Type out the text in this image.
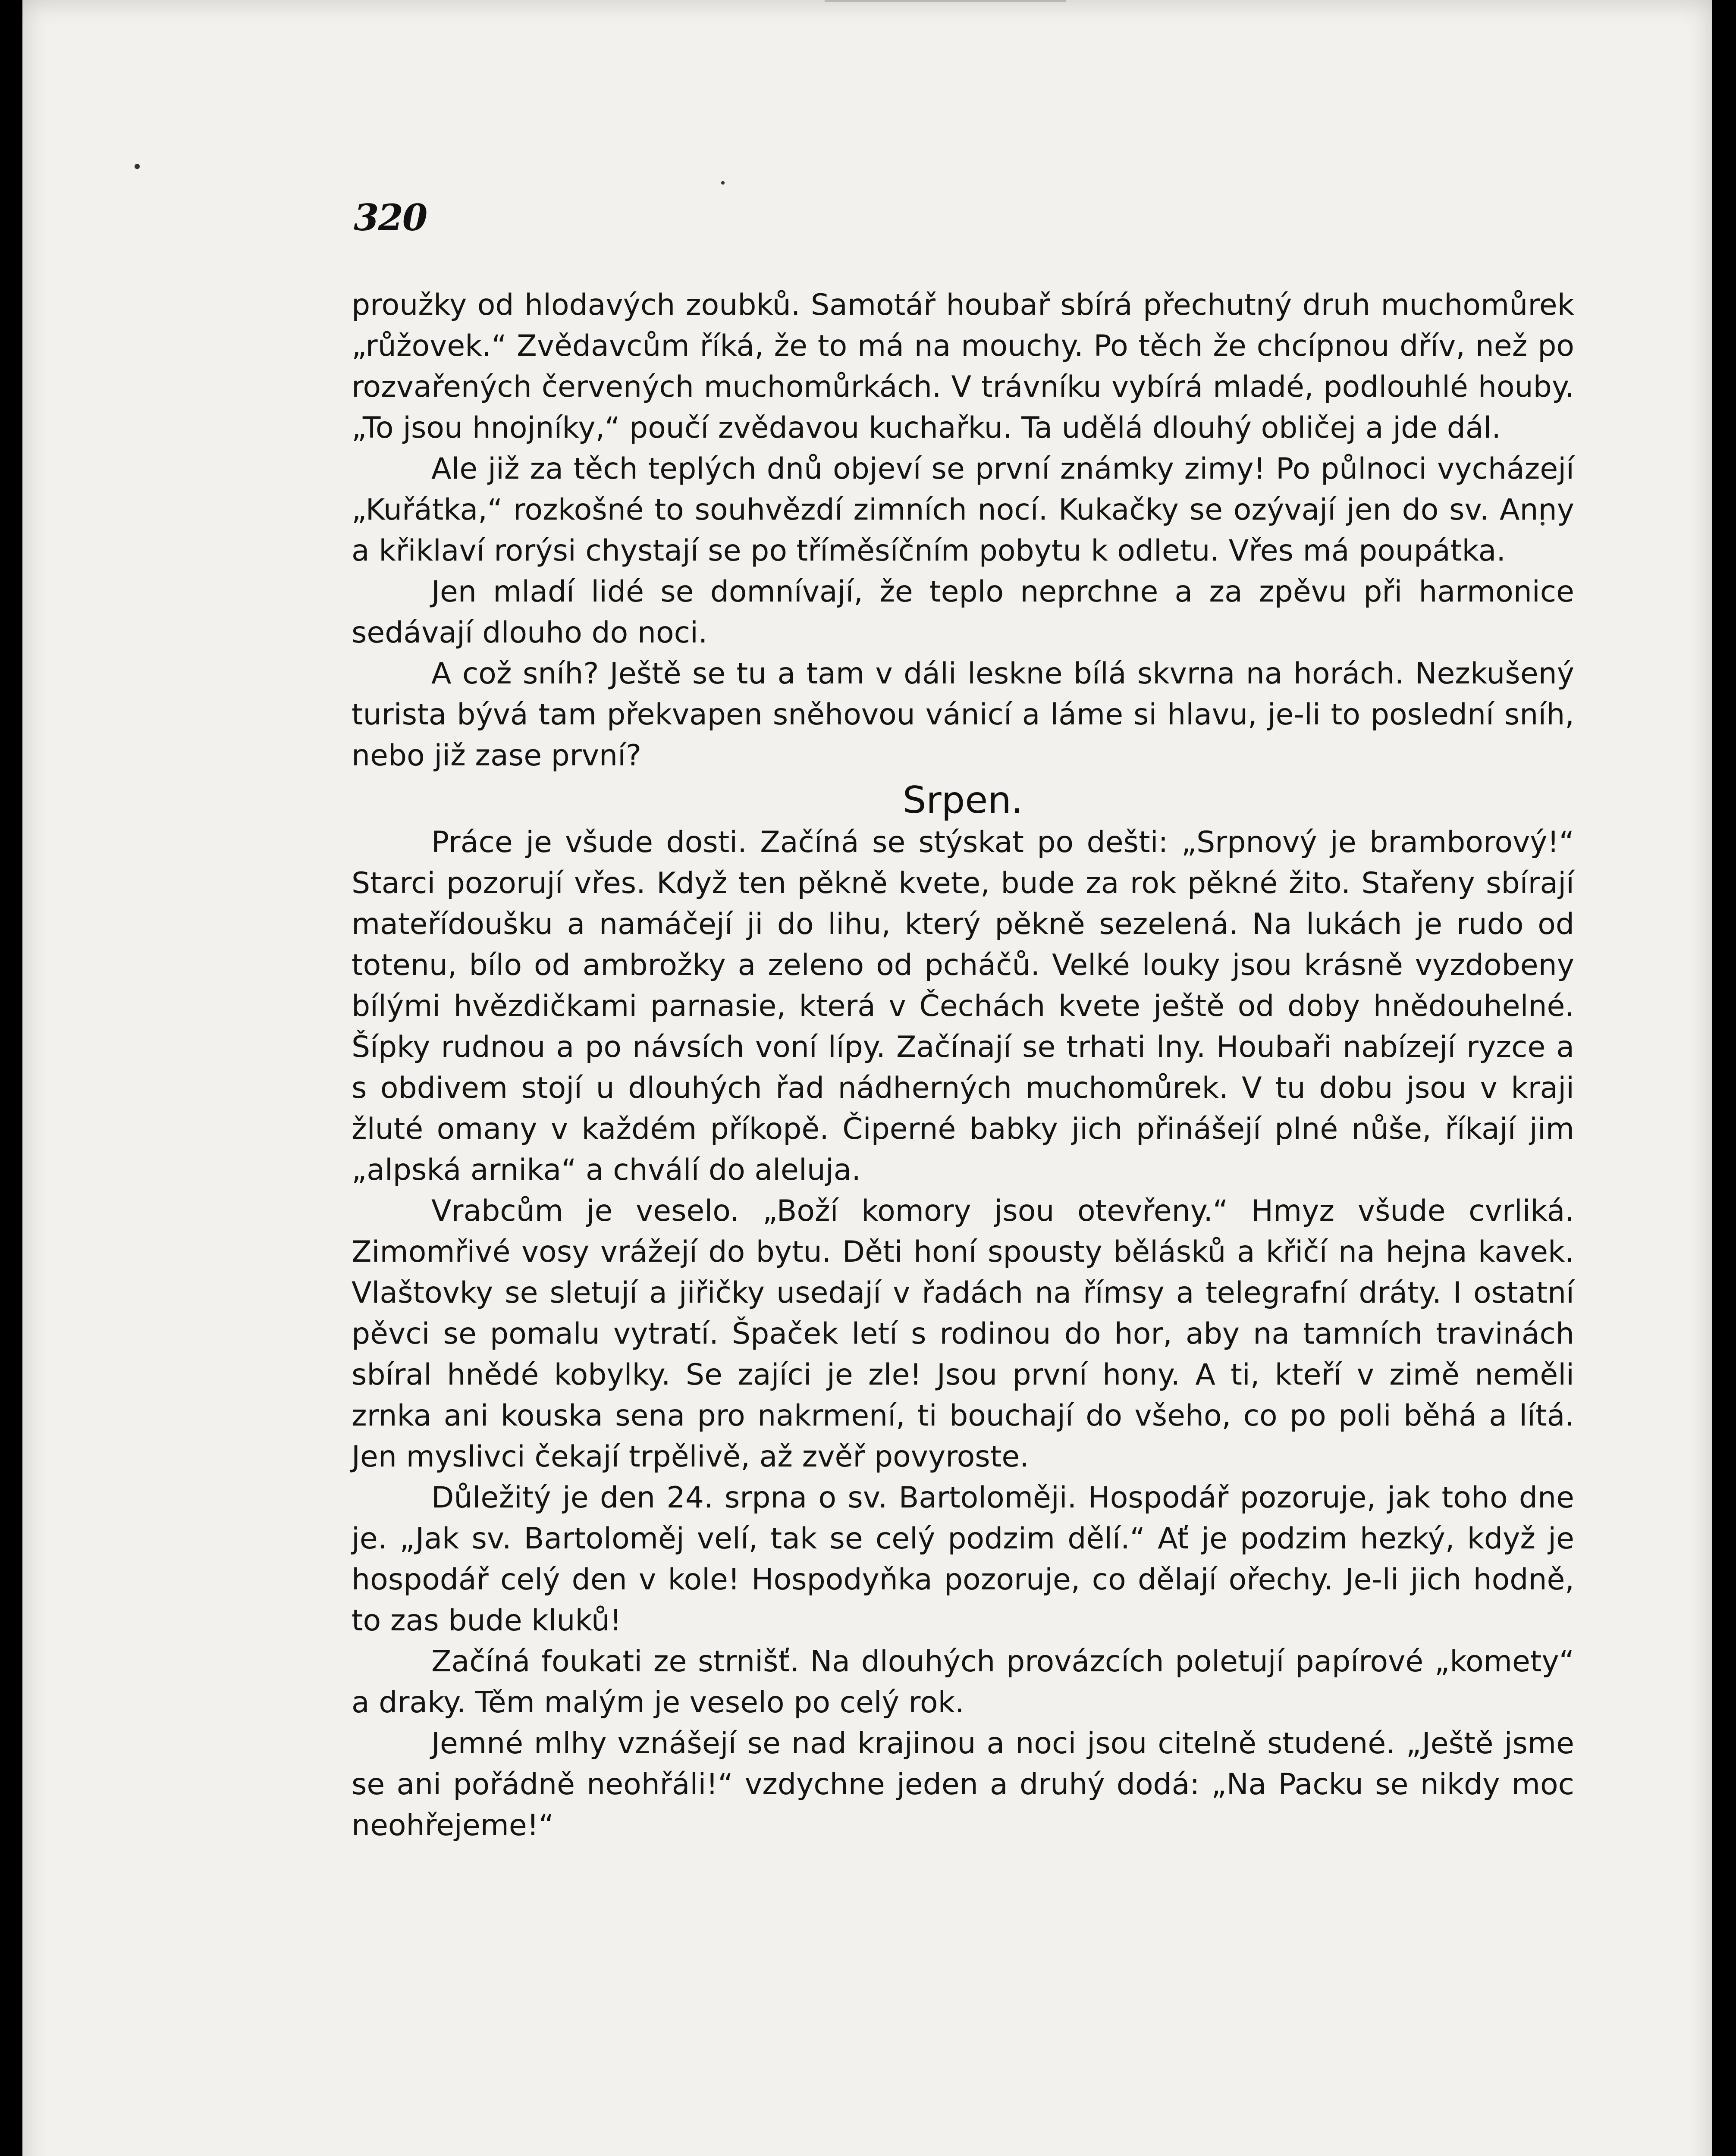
320

proužky od hlodavých zoubků. Samotář houbař sbírá přechutný druh muchomůrek „růžovek.“ Zvědavcům říká, že to má na mouchy. Po těch že chcípnou dřív, než po rozvařených červených muchomůrkách. V trávníku vybírá mladé, podlouhlé houby. „To jsou hnojníky,“ poučí zvědavou kuchařku. Ta udělá dlouhý obličej a jde dál.

Ale již za těch teplých dnů objeví se první známky zimy! Po půlnoci vycházejí „Kuřátka,“ rozkošné to souhvězdí zimních nocí. Kukačky se ozývají jen do sv. Anny a křiklaví rorýsi chystají se po tříměsíčním pobytu k odletu. Vřes má poupátka.

Jen mladí lidé se domnívají, že teplo neprchne a za zpěvu při harmonice sedávají dlouho do noci.

A což sníh? Ještě se tu a tam v dáli leskne bílá skvrna na horách. Nezkušený turista bývá tam překvapen sněhovou vánicí a láme si hlavu, je-li to poslední sníh, nebo již zase první?

Srpen.

Práce je všude dosti. Začíná se stýskat po dešti: „Srpnový je bramborový!“ Starci pozorují vřes. Když ten pěkně kvete, bude za rok pěkné žito. Stařeny sbírají mateřídoušku a namáčejí ji do lihu, který pěkně sezelená. Na lukách je rudo od totenu, bílo od ambrožky a zeleno od pcháčů. Velké louky jsou krásně vyzdobeny bílými hvězdičkami parnasie, která v Čechách kvete ještě od doby hnědouhelné. Šípky rudnou a po návsích voní lípy. Začínají se trhati lny. Houbaři nabízejí ryzce a s obdivem stojí u dlouhých řad nádherných muchomůrek. V tu dobu jsou v kraji žluté omany v každém příkopě. Čiperné babky jich přinášejí plné nůše, říkají jim „alpská arnika“ a chválí do aleluja.

Vrabcům je veselo. „Boží komory jsou otevřeny.“ Hmyz všude cvrliká. Zimomřivé vosy vrážejí do bytu. Děti honí spousty bělásků a křičí na hejna kavek. Vlaštovky se sletují a jiřičky usedají v řadách na římsy a telegrafní dráty. I ostatní pěvci se pomalu vytratí. Špaček letí s rodinou do hor, aby na tamních travinách sbíral hnědé kobylky. Se zajíci je zle! Jsou první hony. A ti, kteří v zimě neměli zrnka ani kouska sena pro nakrmení, ti bouchají do všeho, co po poli běhá a lítá. Jen myslivci čekají trpělivě, až zvěř povyroste.

Důležitý je den 24. srpna o sv. Bartoloměji. Hospodář pozoruje, jak toho dne je. „Jak sv. Bartoloměj velí, tak se celý podzim dělí.“ Ať je podzim hezký, když je hospodář celý den v kole! Hospodyňka pozoruje, co dělají ořechy. Je-li jich hodně, to zas bude kluků!

Začíná foukati ze strnišť. Na dlouhých provázcích poletují papírové „komety“ a draky. Těm malým je veselo po celý rok.

Jemné mlhy vznášejí se nad krajinou a noci jsou citelně studené. „Ještě jsme se ani pořádně neohřáli!“ vzdychne jeden a druhý dodá: „Na Packu se nikdy moc neohřejeme!“
